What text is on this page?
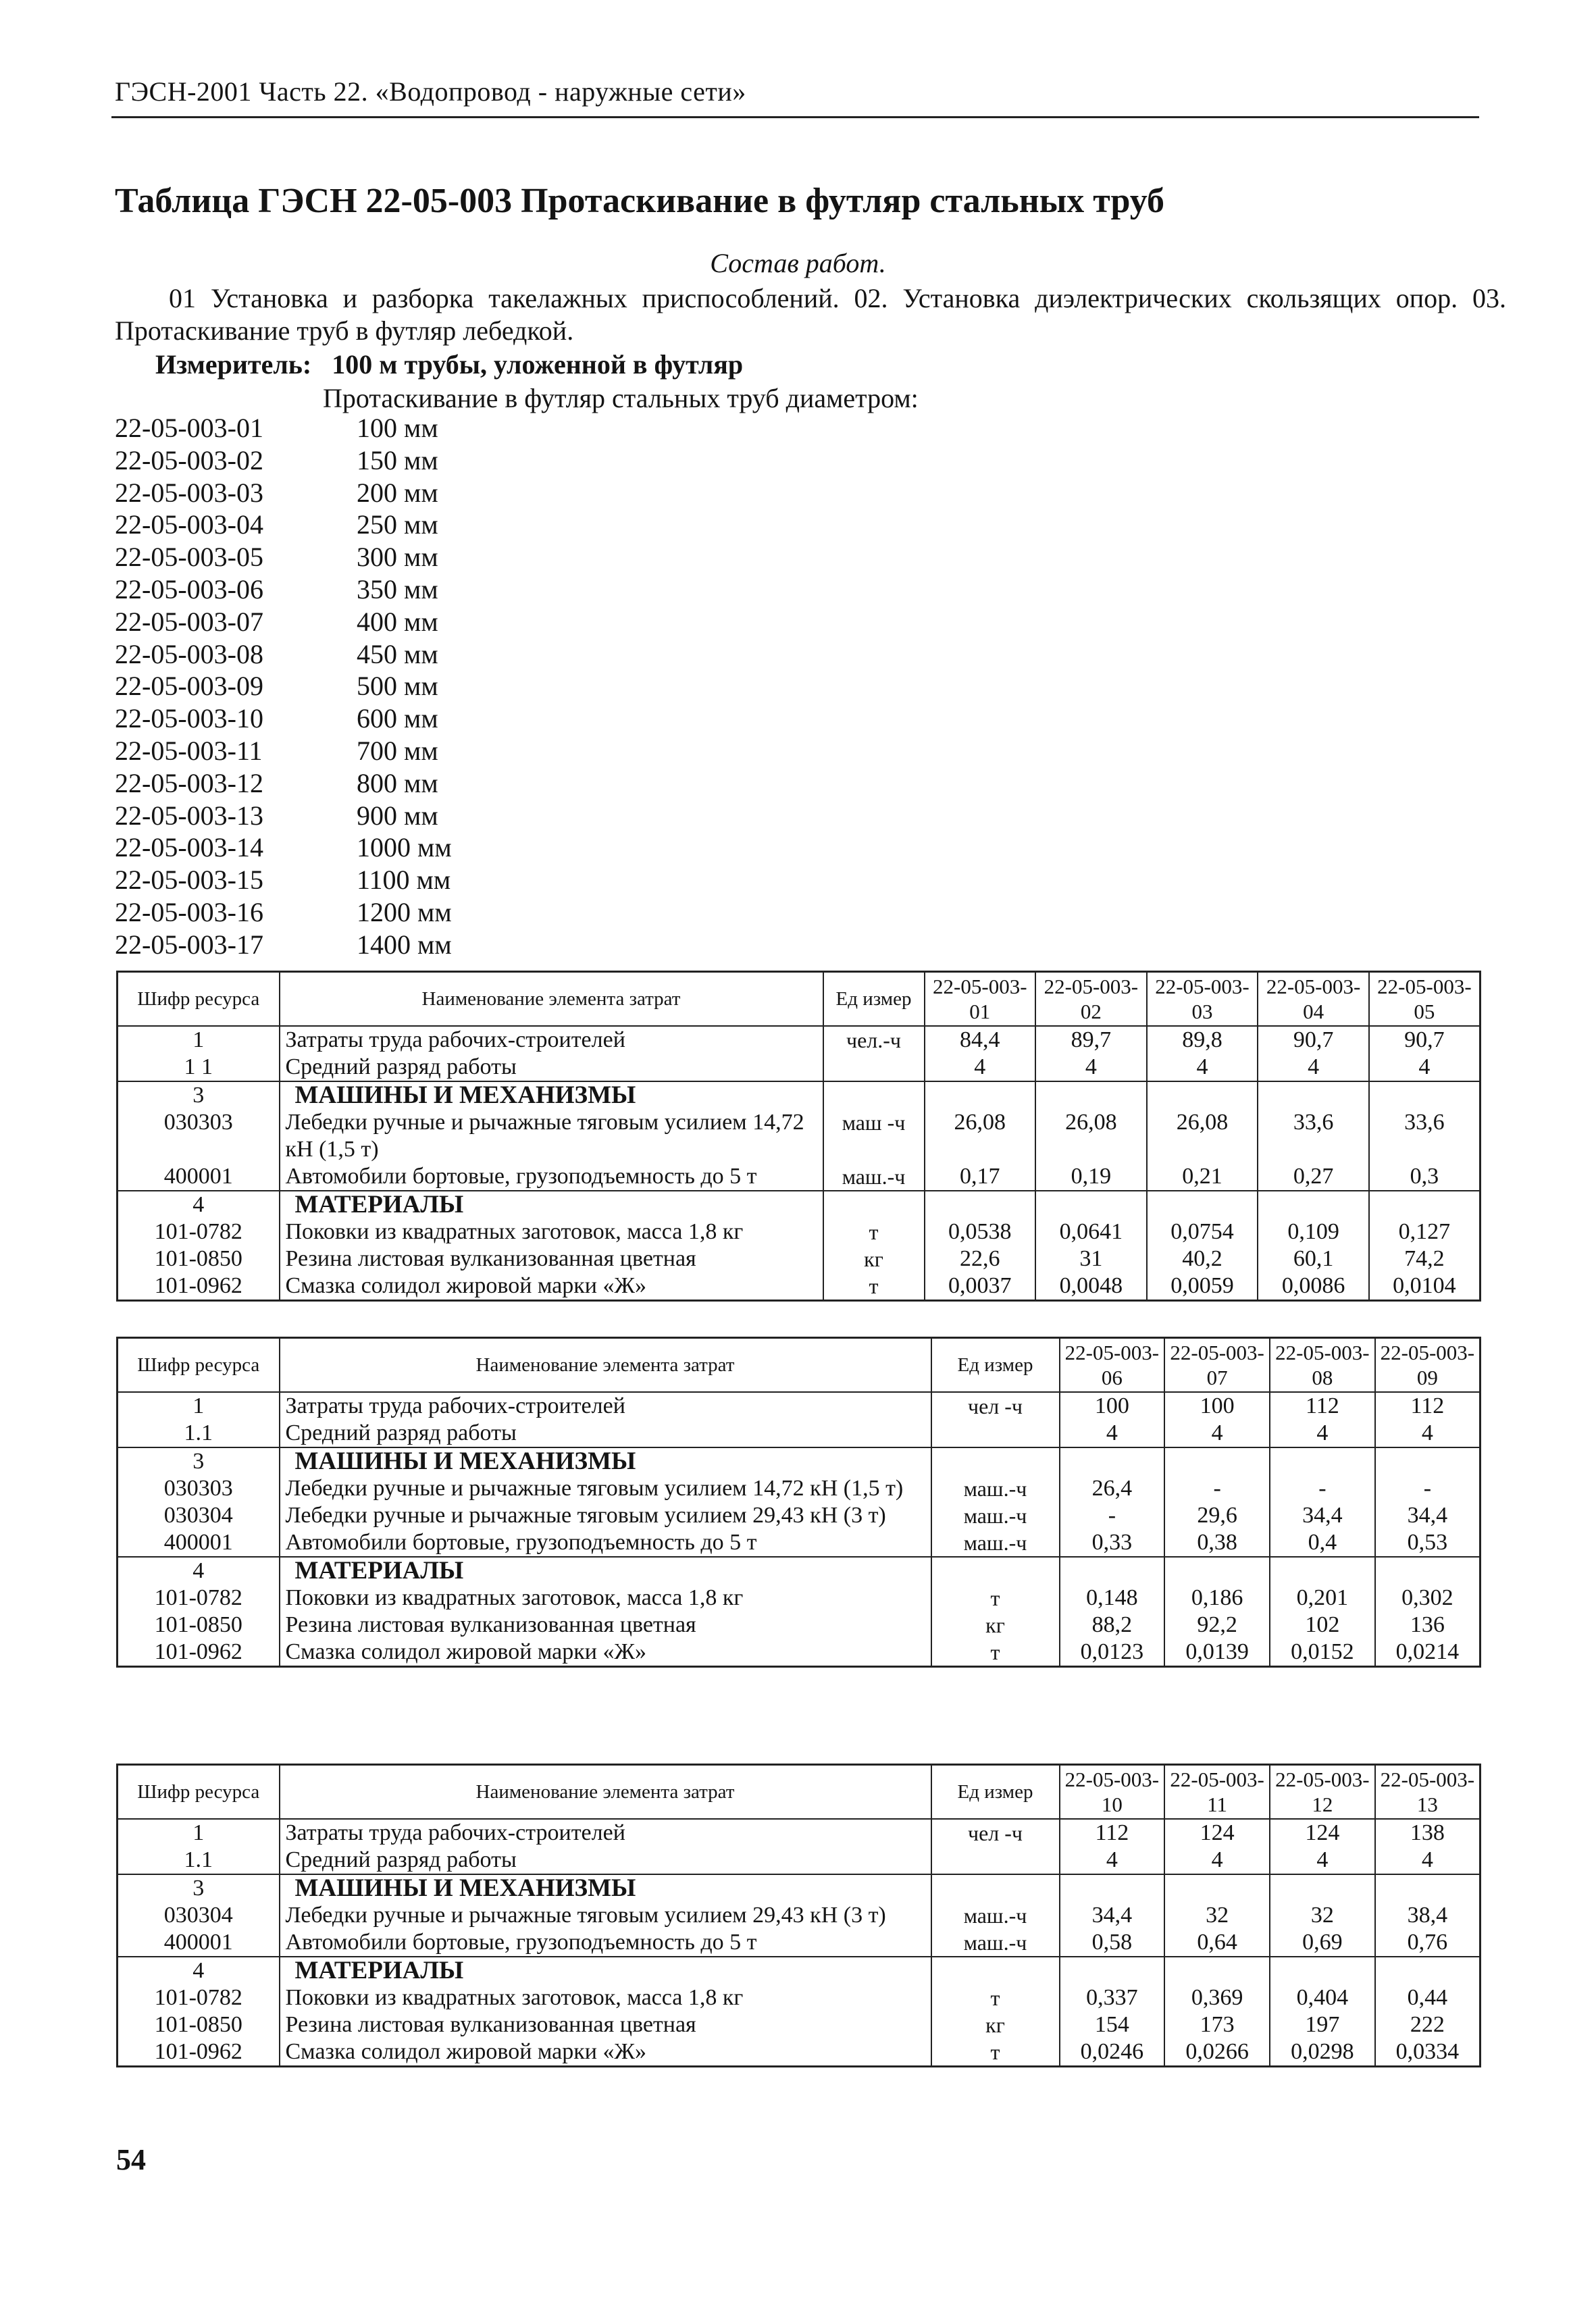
ГЭСН-2001 Часть 22. «Водопровод - наружные сети»
Таблица ГЭСН 22-05-003 Протаскивание в футляр стальных труб
Состав работ.
01 Установка и разборка такелажных приспособлений. 02. Установка диэлектрических скользящих опор. 03. Протаскивание труб в футляр лебедкой.
Измеритель: 100 м трубы, уложенной в футляр
Протаскивание в футляр стальных труб диаметром:
22-05-003-01	100 мм
22-05-003-02	150 мм
22-05-003-03	200 мм
22-05-003-04	250 мм
22-05-003-05	300 мм
22-05-003-06	350 мм
22-05-003-07	400 мм
22-05-003-08	450 мм
22-05-003-09	500 мм
22-05-003-10	600 мм
22-05-003-11	700 мм
22-05-003-12	800 мм
22-05-003-13	900 мм
22-05-003-14	1000 мм
22-05-003-15	1100 мм
22-05-003-16	1200 мм
22-05-003-17	1400 мм
Шифр ресурса	Наименование элемента затрат	Ед измер	22-05-003-01	22-05-003-02	22-05-003-03	22-05-003-04	22-05-003-05
1	Затраты труда рабочих-строителей	чел.-ч	84,4	89,7	89,8	90,7	90,7
1 1	Средний разряд работы		4	4	4	4	4
3	МАШИНЫ И МЕХАНИЗМЫ						
030303	Лебедки ручные и рычажные тяговым усилием 14,72 кН (1,5 т)	маш -ч	26,08	26,08	26,08	33,6	33,6
400001	Автомобили бортовые, грузоподъемность до 5 т	маш.-ч	0,17	0,19	0,21	0,27	0,3
4	МАТЕРИАЛЫ						
101-0782	Поковки из квадратных заготовок, масса 1,8 кг	т	0,0538	0,0641	0,0754	0,109	0,127
101-0850	Резина листовая вулканизованная цветная	кг	22,6	31	40,2	60,1	74,2
101-0962	Смазка солидол жировой марки «Ж»	т	0,0037	0,0048	0,0059	0,0086	0,0104
Шифр ресурса	Наименование элемента затрат	Ед измер	22-05-003-06	22-05-003-07	22-05-003-08	22-05-003-09
1	Затраты труда рабочих-строителей	чел -ч	100	100	112	112
1.1	Средний разряд работы		4	4	4	4
3	МАШИНЫ И МЕХАНИЗМЫ					
030303	Лебедки ручные и рычажные тяговым усилием 14,72 кН (1,5 т)	маш.-ч	26,4	-	-	-
030304	Лебедки ручные и рычажные тяговым усилием 29,43 кН (3 т)	маш.-ч	-	29,6	34,4	34,4
400001	Автомобили бортовые, грузоподъемность до 5 т	маш.-ч	0,33	0,38	0,4	0,53
4	МАТЕРИАЛЫ					
101-0782	Поковки из квадратных заготовок, масса 1,8 кг	т	0,148	0,186	0,201	0,302
101-0850	Резина листовая вулканизованная цветная	кг	88,2	92,2	102	136
101-0962	Смазка солидол жировой марки «Ж»	т	0,0123	0,0139	0,0152	0,0214
Шифр ресурса	Наименование элемента затрат	Ед измер	22-05-003-10	22-05-003-11	22-05-003-12	22-05-003-13
1	Затраты труда рабочих-строителей	чел -ч	112	124	124	138
1.1	Средний разряд работы		4	4	4	4
3	МАШИНЫ И МЕХАНИЗМЫ					
030304	Лебедки ручные и рычажные тяговым усилием 29,43 кН (3 т)	маш.-ч	34,4	32	32	38,4
400001	Автомобили бортовые, грузоподъемность до 5 т	маш.-ч	0,58	0,64	0,69	0,76
4	МАТЕРИАЛЫ					
101-0782	Поковки из квадратных заготовок, масса 1,8 кг	т	0,337	0,369	0,404	0,44
101-0850	Резина листовая вулканизованная цветная	кг	154	173	197	222
101-0962	Смазка солидол жировой марки «Ж»	т	0,0246	0,0266	0,0298	0,0334
54
